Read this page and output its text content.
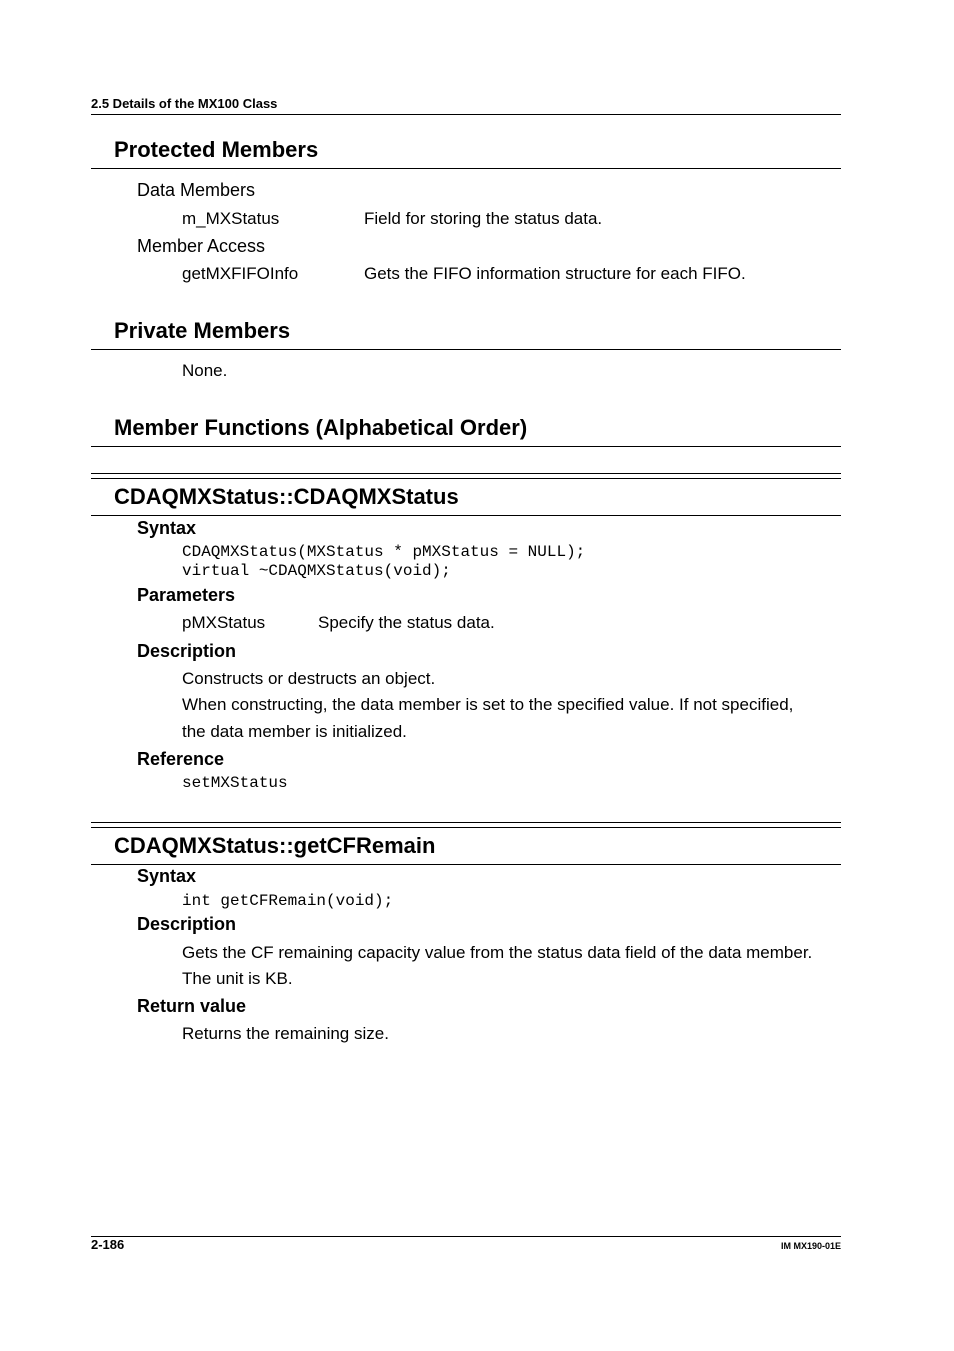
2.5 Details of the MX100 Class
Protected Members
Data Members
m_MXStatus	Field for storing the status data.
Member Access
getMXFIFOInfo	Gets the FIFO information structure for each FIFO.
Private Members
None.
Member Functions (Alphabetical Order)
CDAQMXStatus::CDAQMXStatus
Syntax
CDAQMXStatus(MXStatus * pMXStatus = NULL);
virtual ~CDAQMXStatus(void);
Parameters
pMXStatus	Specify the status data.
Description
Constructs or destructs an object.
When constructing, the data member is set to the specified value. If not specified,
the data member is initialized.
Reference
setMXStatus
CDAQMXStatus::getCFRemain
Syntax
int getCFRemain(void);
Description
Gets the CF remaining capacity value from the status data field of the data member.
The unit is KB.
Return value
Returns the remaining size.
2-186	IM MX190-01E
